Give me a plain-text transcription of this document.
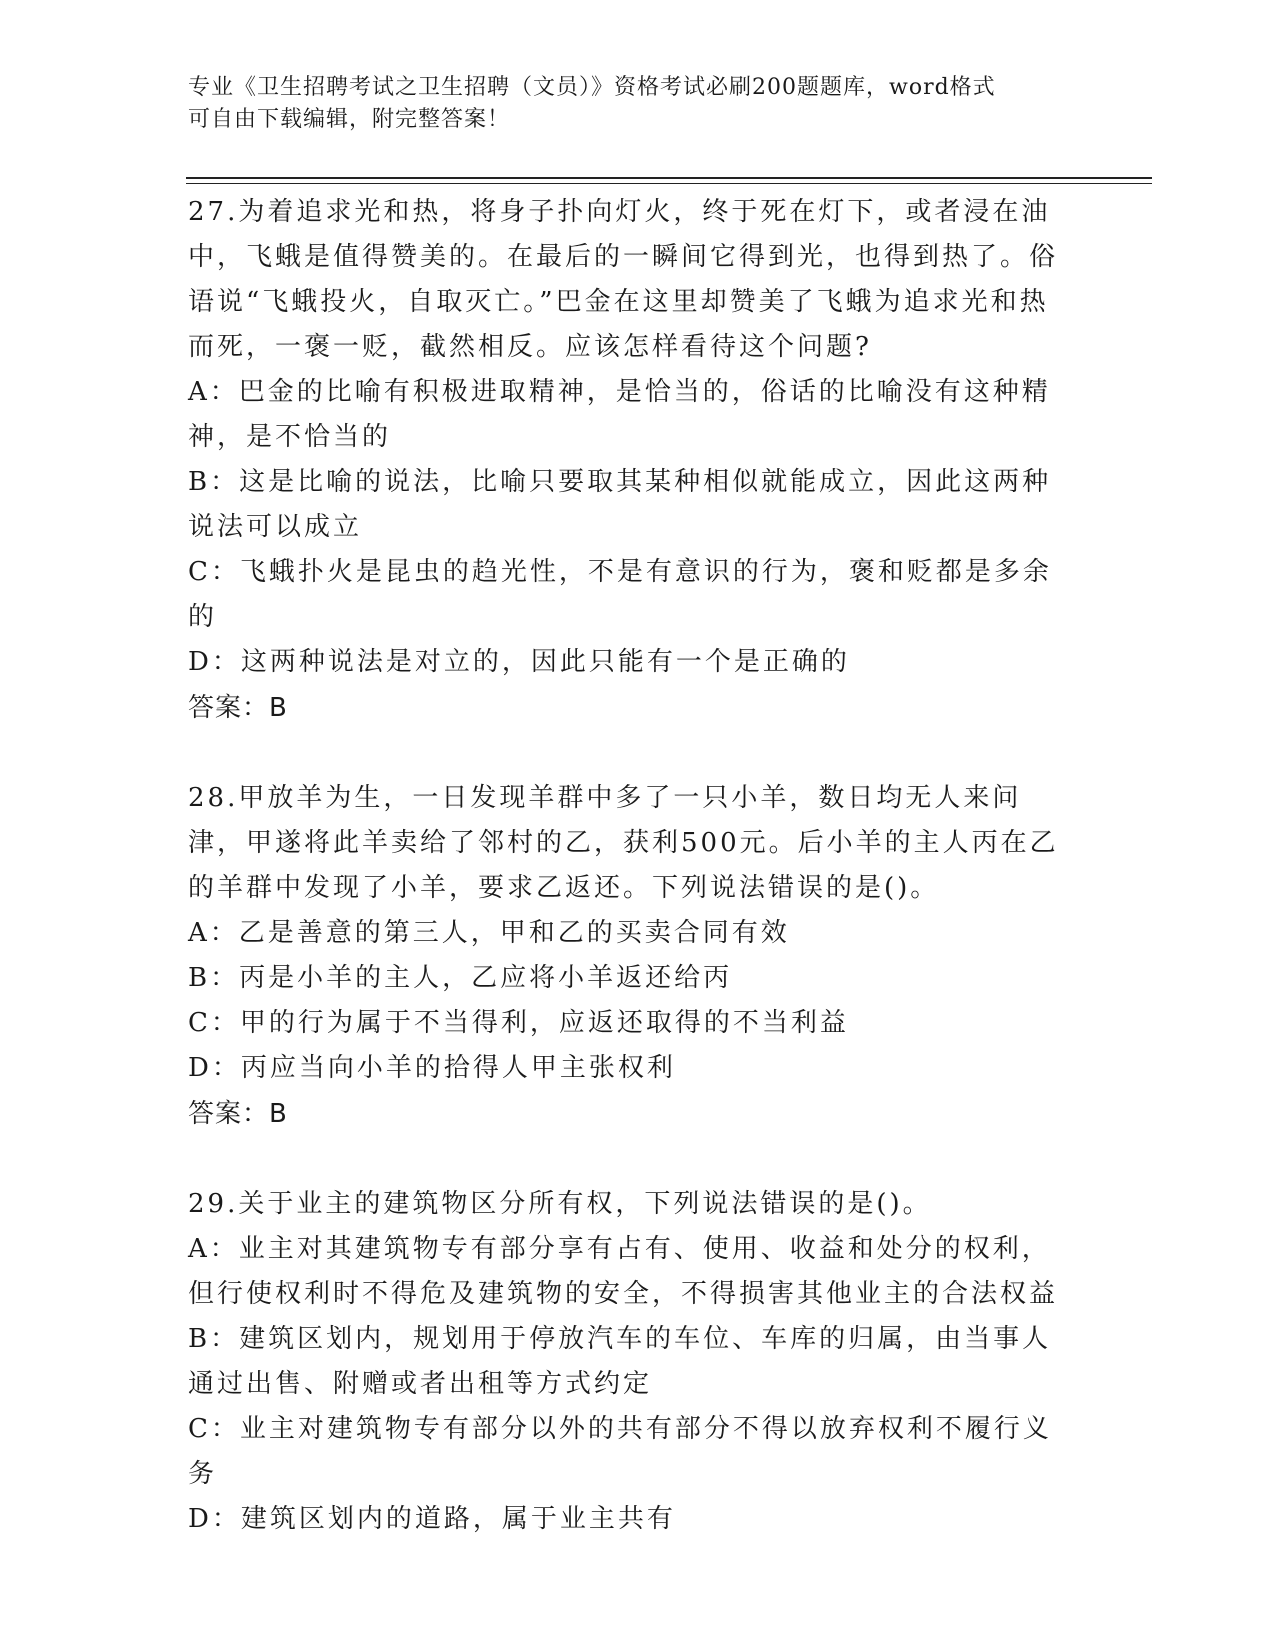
专业《卫生招聘考试之卫生招聘（文员）》资格考试必刷200题题库，word格式
可自由下载编辑，附完整答案！
27.为着追求光和热，将身子扑向灯火，终于死在灯下，或者浸在油中，飞蛾是值得赞美的。在最后的一瞬间它得到光，也得到热了。俗语说“飞蛾投火，自取灭亡。”巴金在这里却赞美了飞蛾为追求光和热而死，一褒一贬，截然相反。应该怎样看待这个问题?
A：巴金的比喻有积极进取精神，是恰当的，俗话的比喻没有这种精神，是不恰当的
B：这是比喻的说法，比喻只要取其某种相似就能成立，因此这两种说法可以成立
C：飞蛾扑火是昆虫的趋光性，不是有意识的行为，褒和贬都是多余的
D：这两种说法是对立的，因此只能有一个是正确的
答案：B
28.甲放羊为生，一日发现羊群中多了一只小羊，数日均无人来问津，甲遂将此羊卖给了邻村的乙，获利500元。后小羊的主人丙在乙的羊群中发现了小羊，要求乙返还。下列说法错误的是()。
A：乙是善意的第三人，甲和乙的买卖合同有效
B：丙是小羊的主人，乙应将小羊返还给丙
C：甲的行为属于不当得利，应返还取得的不当利益
D：丙应当向小羊的拾得人甲主张权利
答案：B
29.关于业主的建筑物区分所有权，下列说法错误的是()。
A：业主对其建筑物专有部分享有占有、使用、收益和处分的权利，但行使权利时不得危及建筑物的安全，不得损害其他业主的合法权益
B：建筑区划内，规划用于停放汽车的车位、车库的归属，由当事人通过出售、附赠或者出租等方式约定
C：业主对建筑物专有部分以外的共有部分不得以放弃权利不履行义务
D：建筑区划内的道路，属于业主共有
